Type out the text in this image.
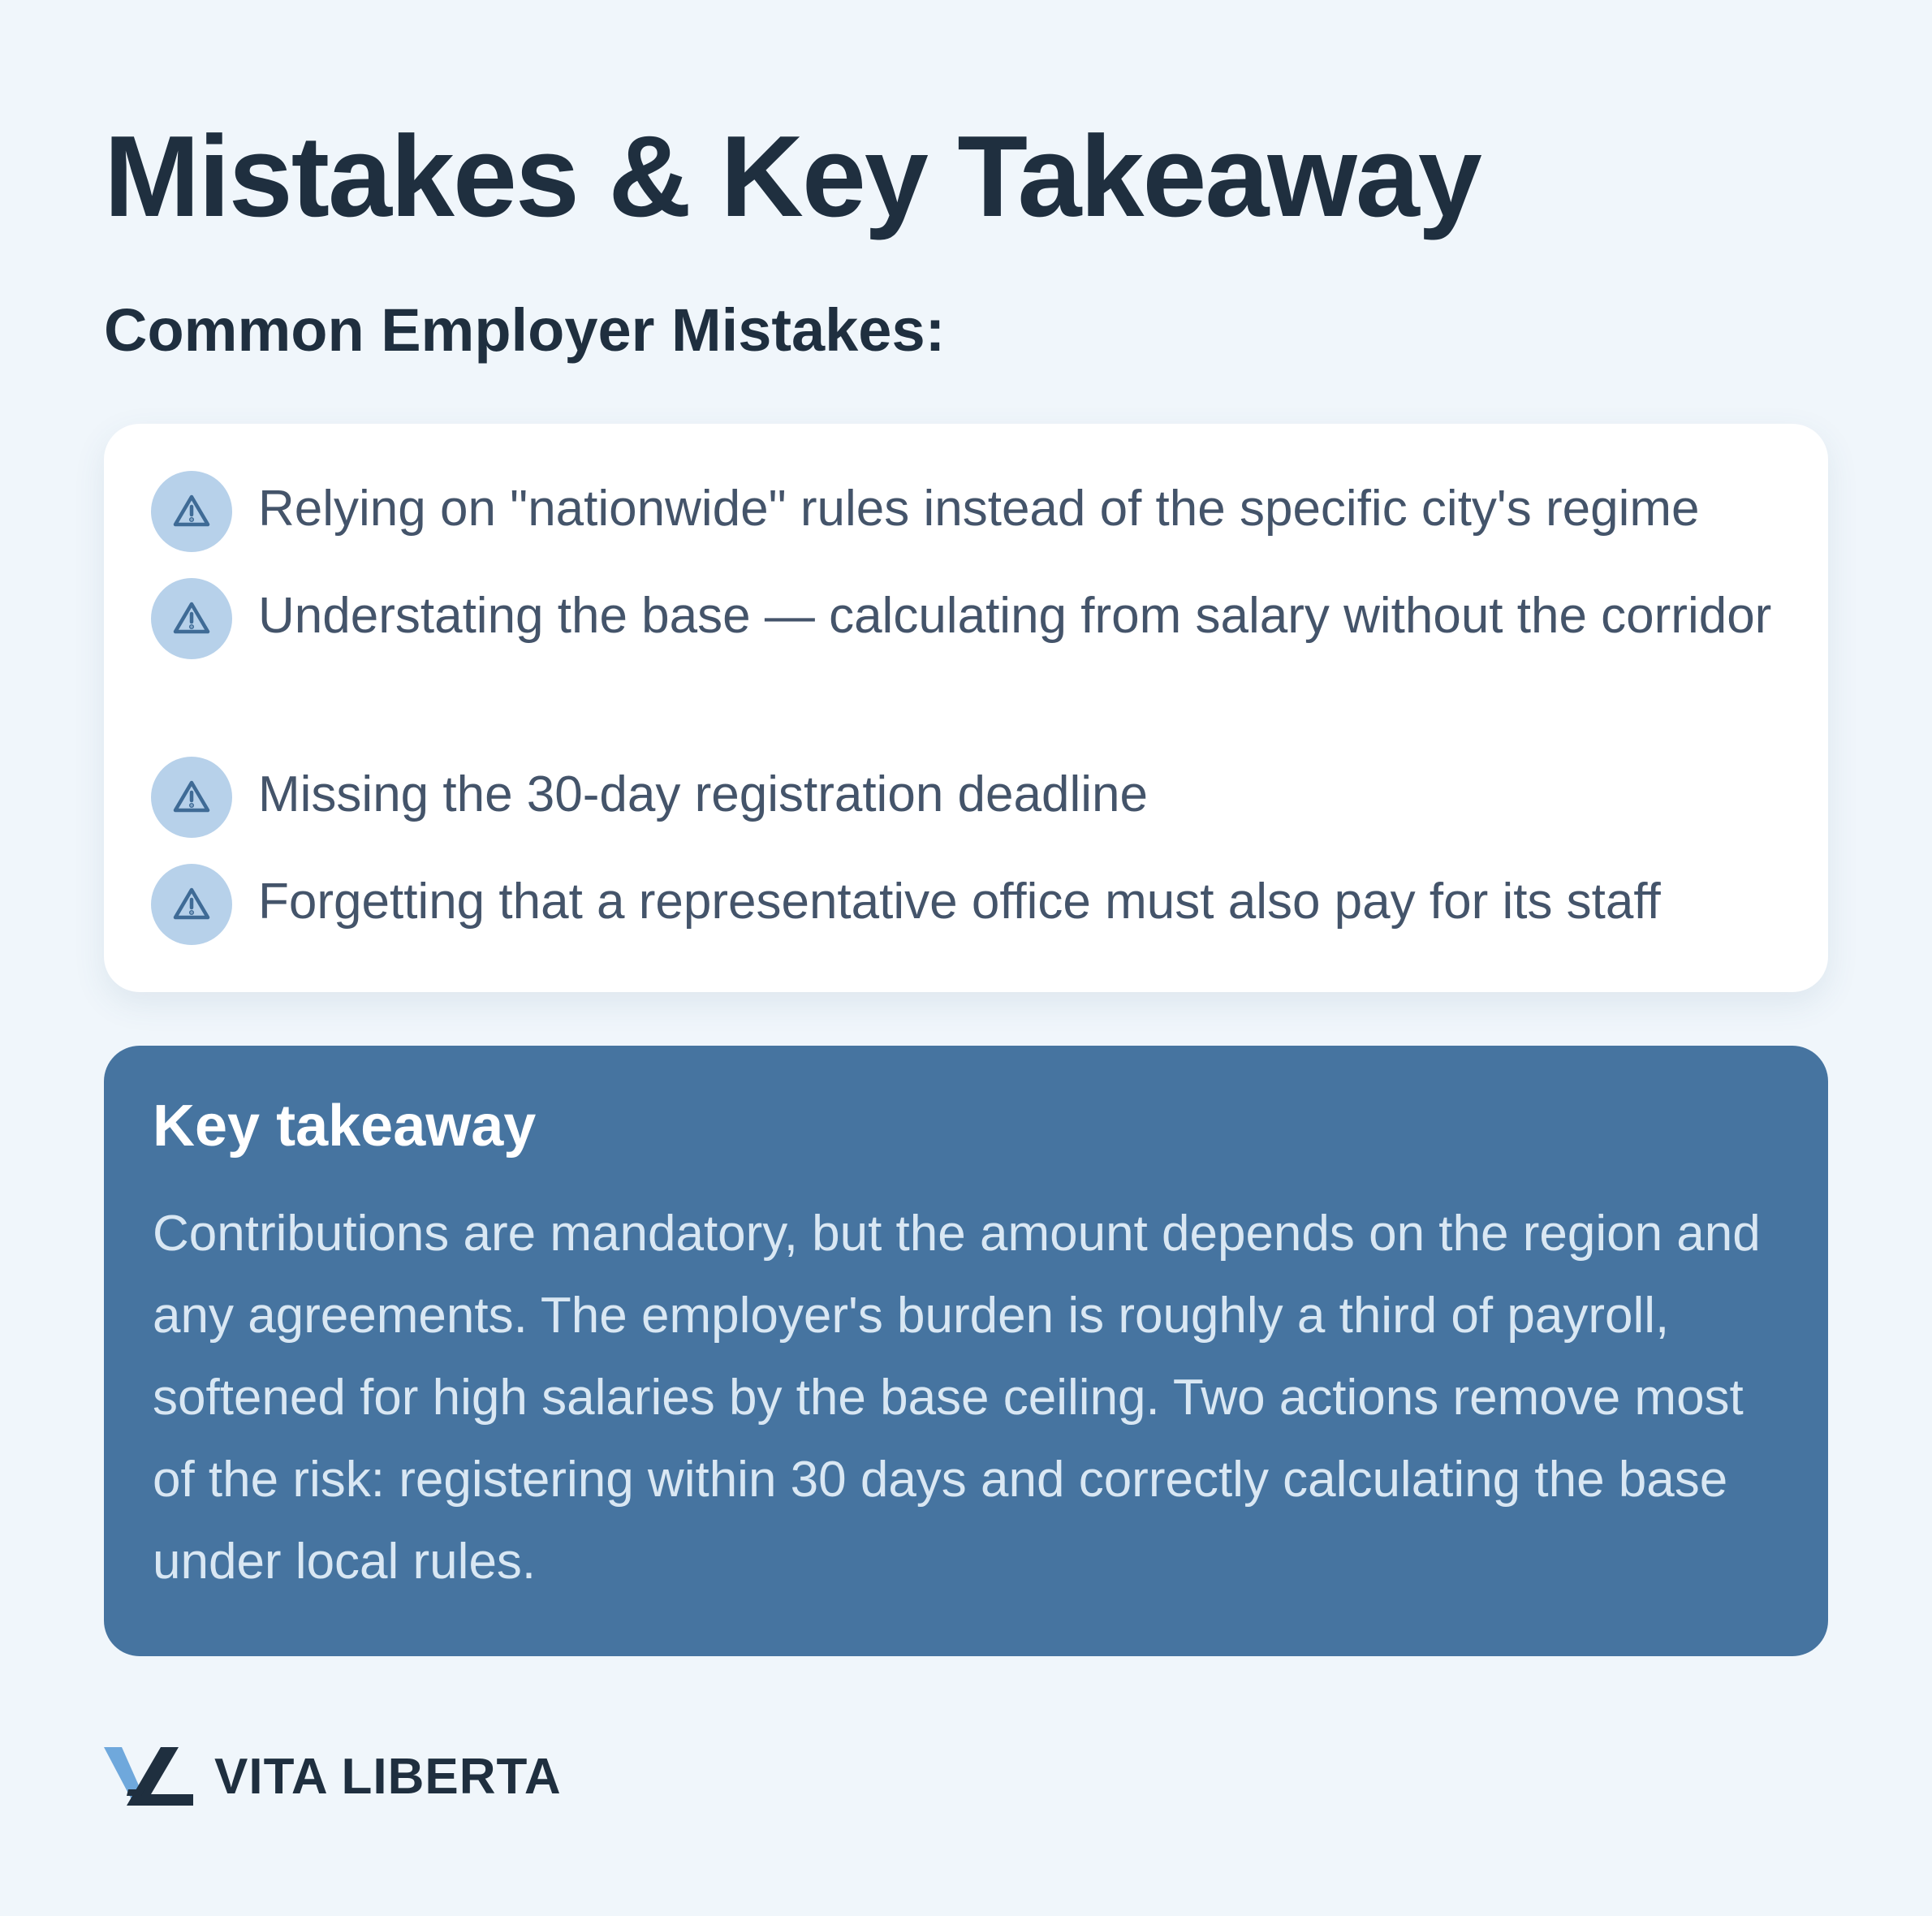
Mistakes & Key Takeaway
Common Employer Mistakes:
Relying on "nationwide" rules instead of the specific city's regime
Understating the base — calculating from salary without the corridor
Missing the 30-day registration deadline
Forgetting that a representative office must also pay for its staff
Key takeaway

Contributions are mandatory, but the amount depends on the region and any agreements. The employer's burden is roughly a third of payroll, softened for high salaries by the base ceiling. Two actions remove most of the risk: registering within 30 days and correctly calculating the base under local rules.

VITA LIBERTA
